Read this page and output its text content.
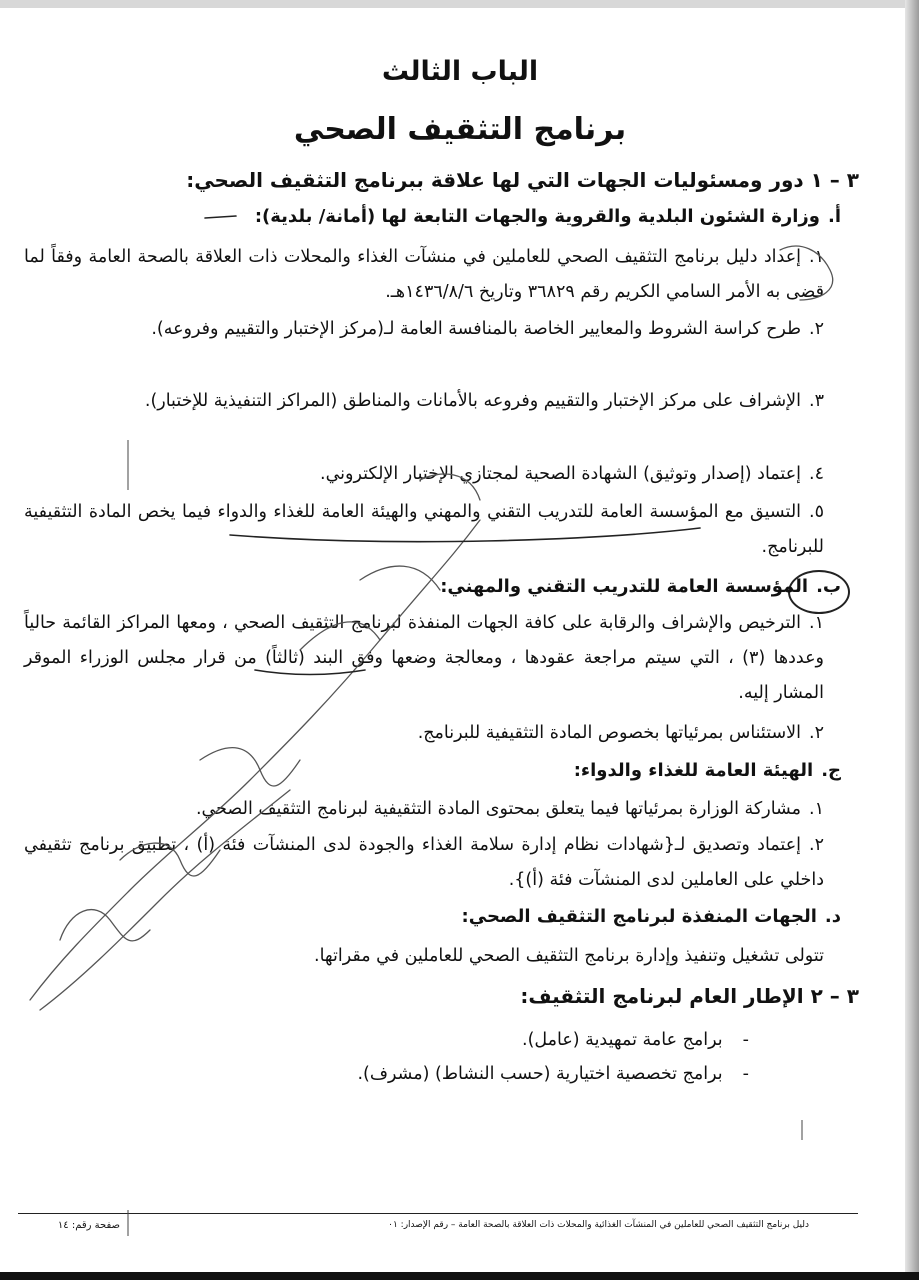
الباب الثالث
برنامج التثقيف الصحي

٣ – ١ دور ومسئوليات الجهات التي لها علاقة ببرنامج التثقيف الصحي:

أ.وزارة الشئون البلدية والقروية والجهات التابعة لها (أمانة/ بلدية):

١.إعداد دليل برنامج التثقيف الصحي للعاملين في منشآت الغذاء والمحلات ذات العلاقة بالصحة العامة وفقاً لما قضى به الأمر السامي الكريم رقم ٣٦٨٢٩ وتاريخ ١٤٣٦/٨/٦هـ.

٢.طرح كراسة الشروط والمعايير الخاصة بالمنافسة العامة لـ(مركز الإختبار والتقييم وفروعه).

٣.الإشراف على مركز الإختبار والتقييم وفروعه بالأمانات والمناطق (المراكز التنفيذية للإختبار).

٤.إعتماد (إصدار وتوثيق) الشهادة الصحية لمجتازي الإختبار الإلكتروني.

٥.التسيق مع المؤسسة العامة للتدريب التقني والمهني والهيئة العامة للغذاء والدواء فيما يخص المادة التثقيفية للبرنامج.

ب.المؤسسة العامة للتدريب التقني والمهني:

١.الترخيص والإشراف والرقابة على كافة الجهات المنفذة لبرنامج التثقيف الصحي ، ومعها المراكز القائمة حالياً وعددها (٣) ، التي سيتم مراجعة عقودها ، ومعالجة وضعها وفق البند (ثالثاً) من قرار مجلس الوزراء الموقر المشار إليه.

٢.الاستئناس بمرئياتها بخصوص المادة التثقيفية للبرنامج.

ج.الهيئة العامة للغذاء والدواء:

١.مشاركة الوزارة بمرئياتها فيما يتعلق بمحتوى المادة التثقيفية لبرنامج التثقيف الصحي.

٢.إعتماد وتصديق لـ{شهادات نظام إدارة سلامة الغذاء والجودة لدى المنشآت فئة (أ) ، تطبيق برنامج تثقيفي داخلي على العاملين لدى المنشآت فئة (أ)}.

د.الجهات المنفذة لبرنامج التثقيف الصحي:

تتولى تشغيل وتنفيذ وإدارة برنامج التثقيف الصحي للعاملين في مقراتها.

٣ – ٢ الإطار العام لبرنامج التثقيف:

-برامج عامة تمهيدية (عامل).

-برامج تخصصية اختيارية (حسب النشاط) (مشرف).

دليل برنامج التثقيف الصحي للعاملين في المنشآت الغذائية والمحلات ذات العلاقة بالصحة العامة – رقم الإصدار: ٠١

صفحة رقم: ١٤
